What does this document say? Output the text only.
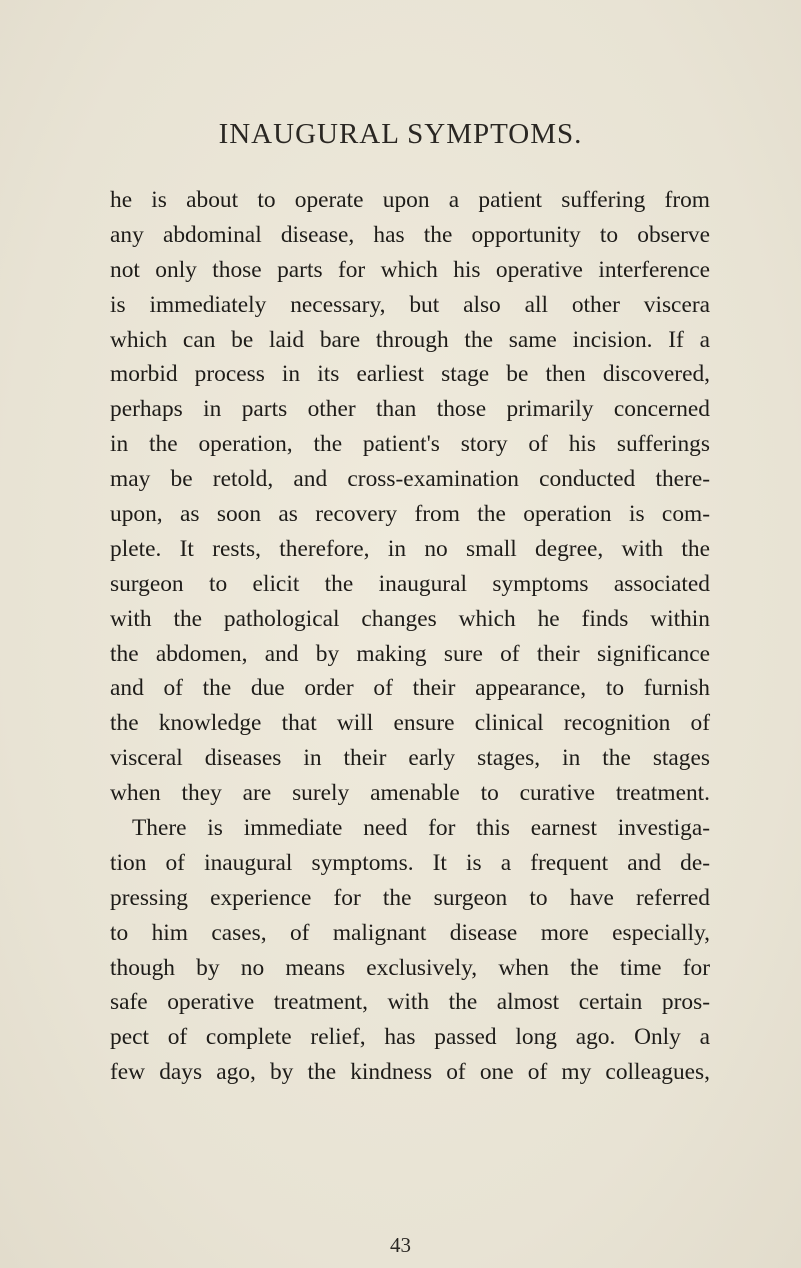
INAUGURAL SYMPTOMS.
he is about to operate upon a patient suffering from
any abdominal disease, has the opportunity to observe
not only those parts for which his operative interference
is immediately necessary, but also all other viscera
which can be laid bare through the same incision. If a
morbid process in its earliest stage be then discovered,
perhaps in parts other than those primarily concerned
in the operation, the patient's story of his sufferings
may be retold, and cross-examination conducted there-
upon, as soon as recovery from the operation is com-
plete. It rests, therefore, in no small degree, with the
surgeon to elicit the inaugural symptoms associated
with the pathological changes which he finds within
the abdomen, and by making sure of their significance
and of the due order of their appearance, to furnish
the knowledge that will ensure clinical recognition of
visceral diseases in their early stages, in the stages
when they are surely amenable to curative treatment.
There is immediate need for this earnest investiga-
tion of inaugural symptoms. It is a frequent and de-
pressing experience for the surgeon to have referred
to him cases, of malignant disease more especially,
though by no means exclusively, when the time for
safe operative treatment, with the almost certain pros-
pect of complete relief, has passed long ago. Only a
few days ago, by the kindness of one of my colleagues,

43
